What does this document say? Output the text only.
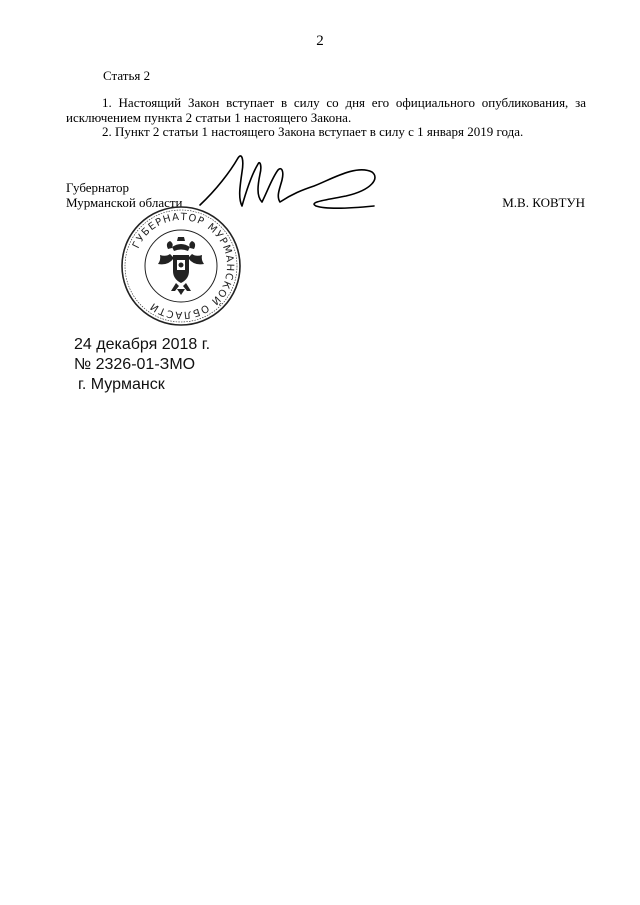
2
Статья 2
1. Настоящий Закон вступает в силу со дня его официального опубликования, за исключением пункта 2 статьи 1 настоящего Закона.
2. Пункт 2 статьи 1 настоящего Закона вступает в силу с 1 января 2019 года.
Губернатор
Мурманской области	М.В. КОВТУН
ГУБЕРНАТОР МУРМАНСКОЙ ОБЛАСТИ
24 декабря 2018 г.
№ 2326-01-ЗМО
г. Мурманск
